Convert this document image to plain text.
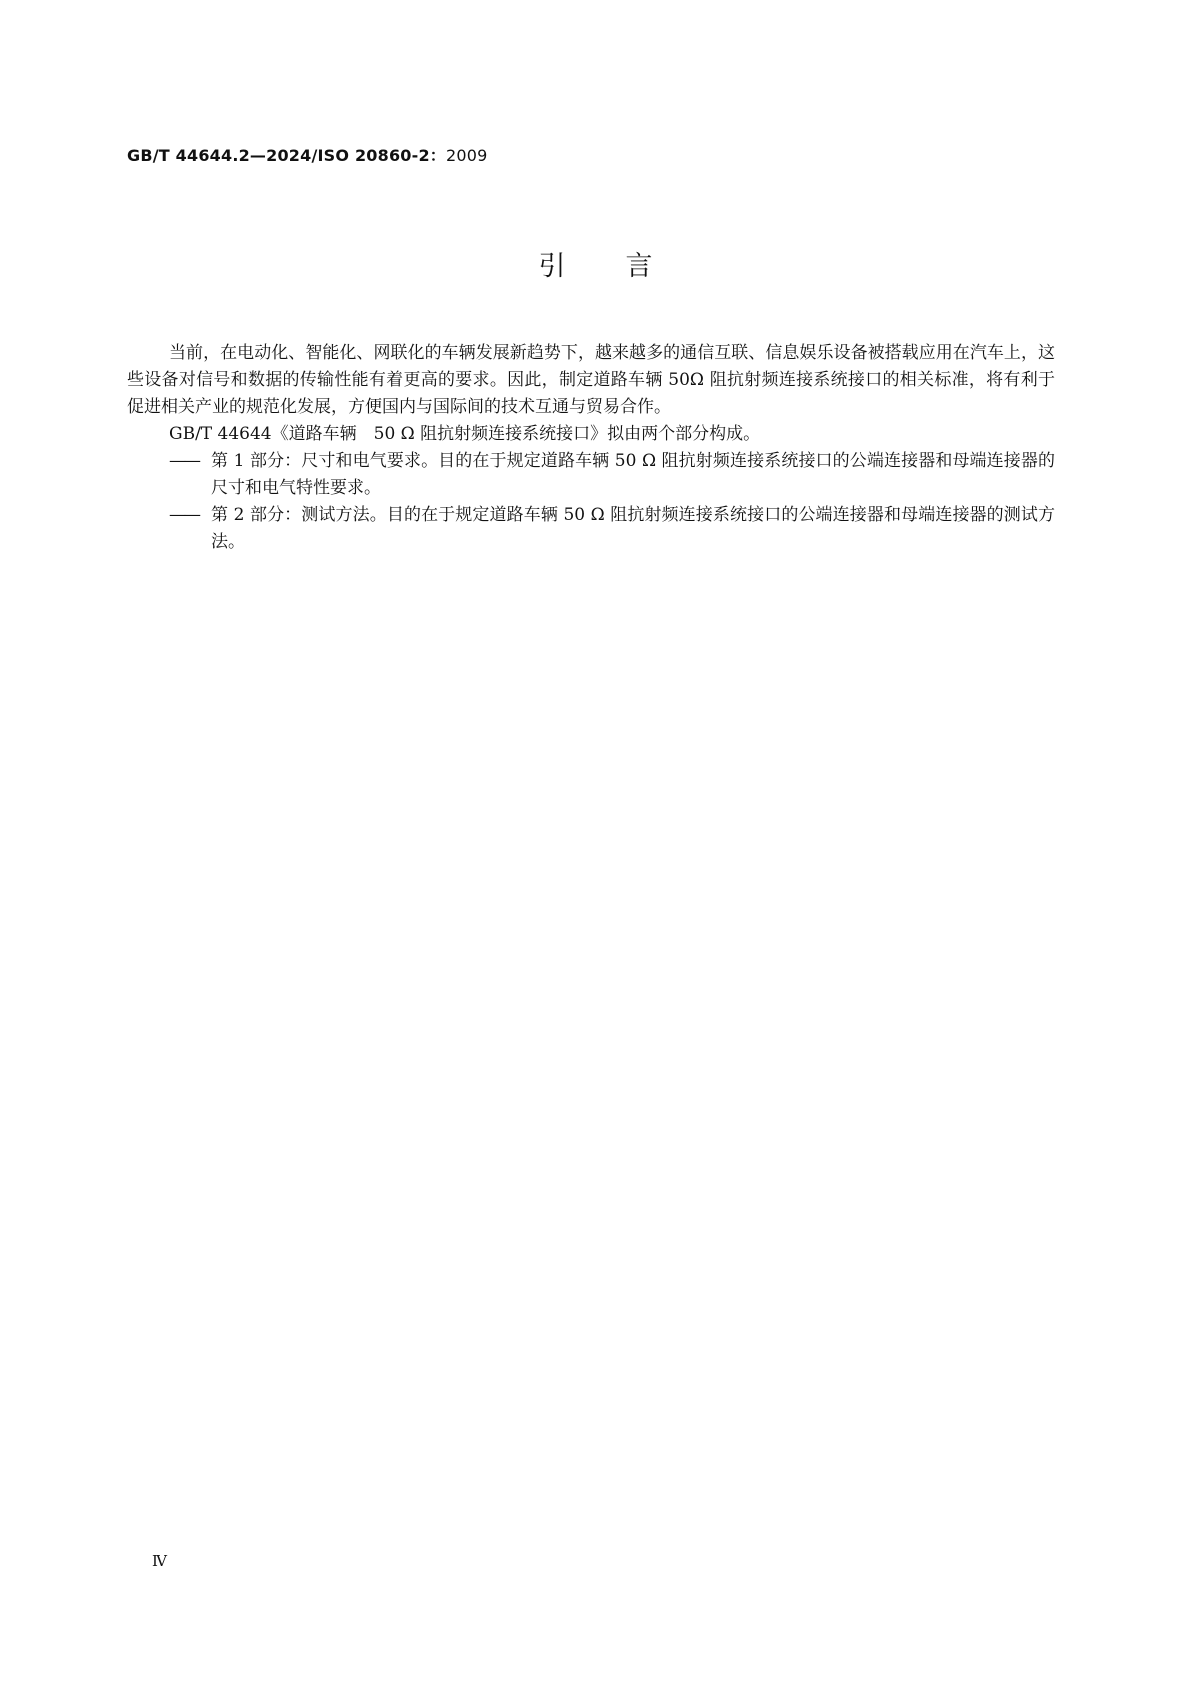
GB/T 44644.2—2024/ISO 20860-2：2009
引言

当前，在电动化、智能化、网联化的车辆发展新趋势下，越来越多的通信互联、信息娱乐设备被搭载应用在汽车上，这些设备对信号和数据的传输性能有着更高的要求。因此，制定道路车辆 50Ω 阻抗射频连接系统接口的相关标准，将有利于促进相关产业的规范化发展，方便国内与国际间的技术互通与贸易合作。

GB/T 44644《道路车辆　50 Ω 阻抗射频连接系统接口》拟由两个部分构成。

—— 第 1 部分：尺寸和电气要求。目的在于规定道路车辆 50 Ω 阻抗射频连接系统接口的公端连接器和母端连接器的尺寸和电气特性要求。
—— 第 2 部分：测试方法。目的在于规定道路车辆 50 Ω 阻抗射频连接系统接口的公端连接器和母端连接器的测试方法。
Ⅳ
